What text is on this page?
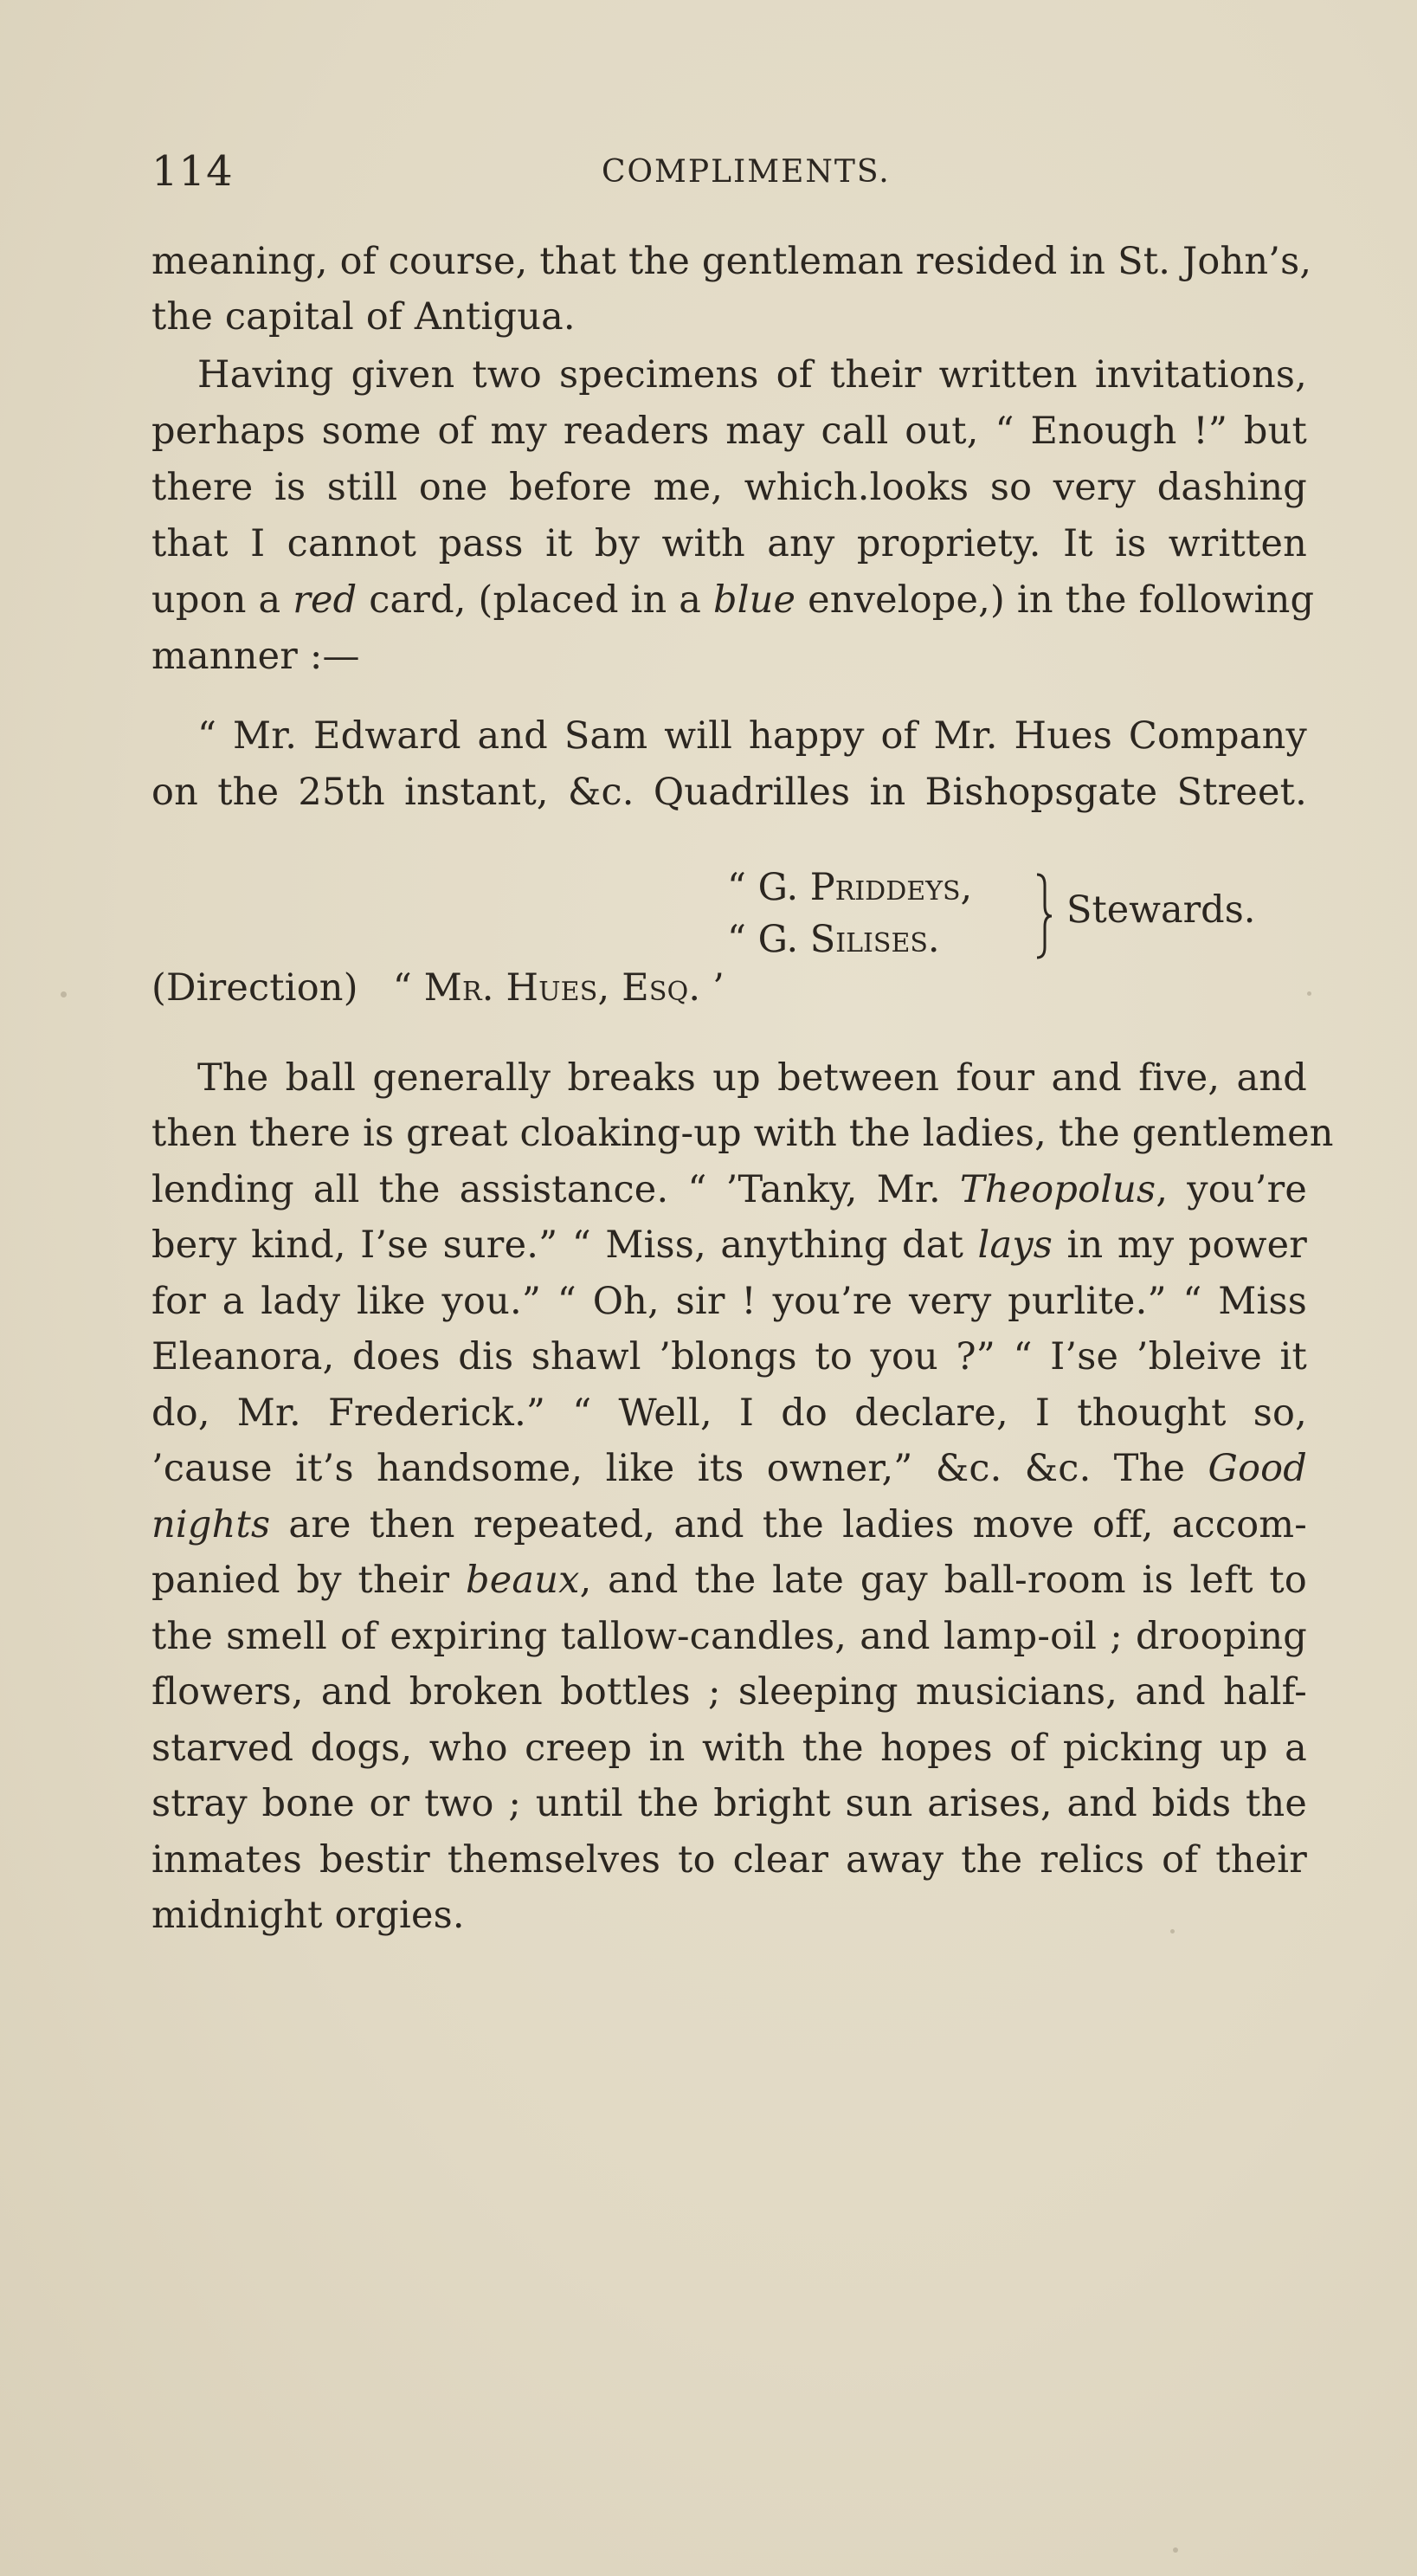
114	COMPLIMENTS.
meaning, of course, that the gentleman resided in St. John’s,
the capital of Antigua.
Having given two specimens of their written invitations,
perhaps some of my readers may call out, “ Enough !” but
there is still one before me, which.looks so very dashing
that I cannot pass it by with any propriety. It is written
upon a red card, (placed in a blue envelope,) in the following
manner :—
“ Mr. Edward and Sam will happy of Mr. Hues Company
on the 25th instant, &c. Quadrilles in Bishopsgate Street.
“ G. Priddeys,
“ G. Silises.
Stewards.
(Direction) “ Mr. Hues, Esq. ’
The ball generally breaks up between four and five, and
then there is great cloaking-up with the ladies, the gentlemen
lending all the assistance. “ ’Tanky, Mr. Theopolus, you’re
bery kind, I’se sure.” “ Miss, anything dat lays in my power
for a lady like you.” “ Oh, sir ! you’re very purlite.” “ Miss
Eleanora, does dis shawl ’blongs to you ?” “ I’se ’bleive it
do, Mr. Frederick.” “ Well, I do declare, I thought so,
’cause it’s handsome, like its owner,” &c. &c. The Good
nights are then repeated, and the ladies move off, accom-
panied by their beaux, and the late gay ball-room is left to
the smell of expiring tallow-candles, and lamp-oil ; drooping
flowers, and broken bottles ; sleeping musicians, and half-
starved dogs, who creep in with the hopes of picking up a
stray bone or two ; until the bright sun arises, and bids the
inmates bestir themselves to clear away the relics of their
midnight orgies.
